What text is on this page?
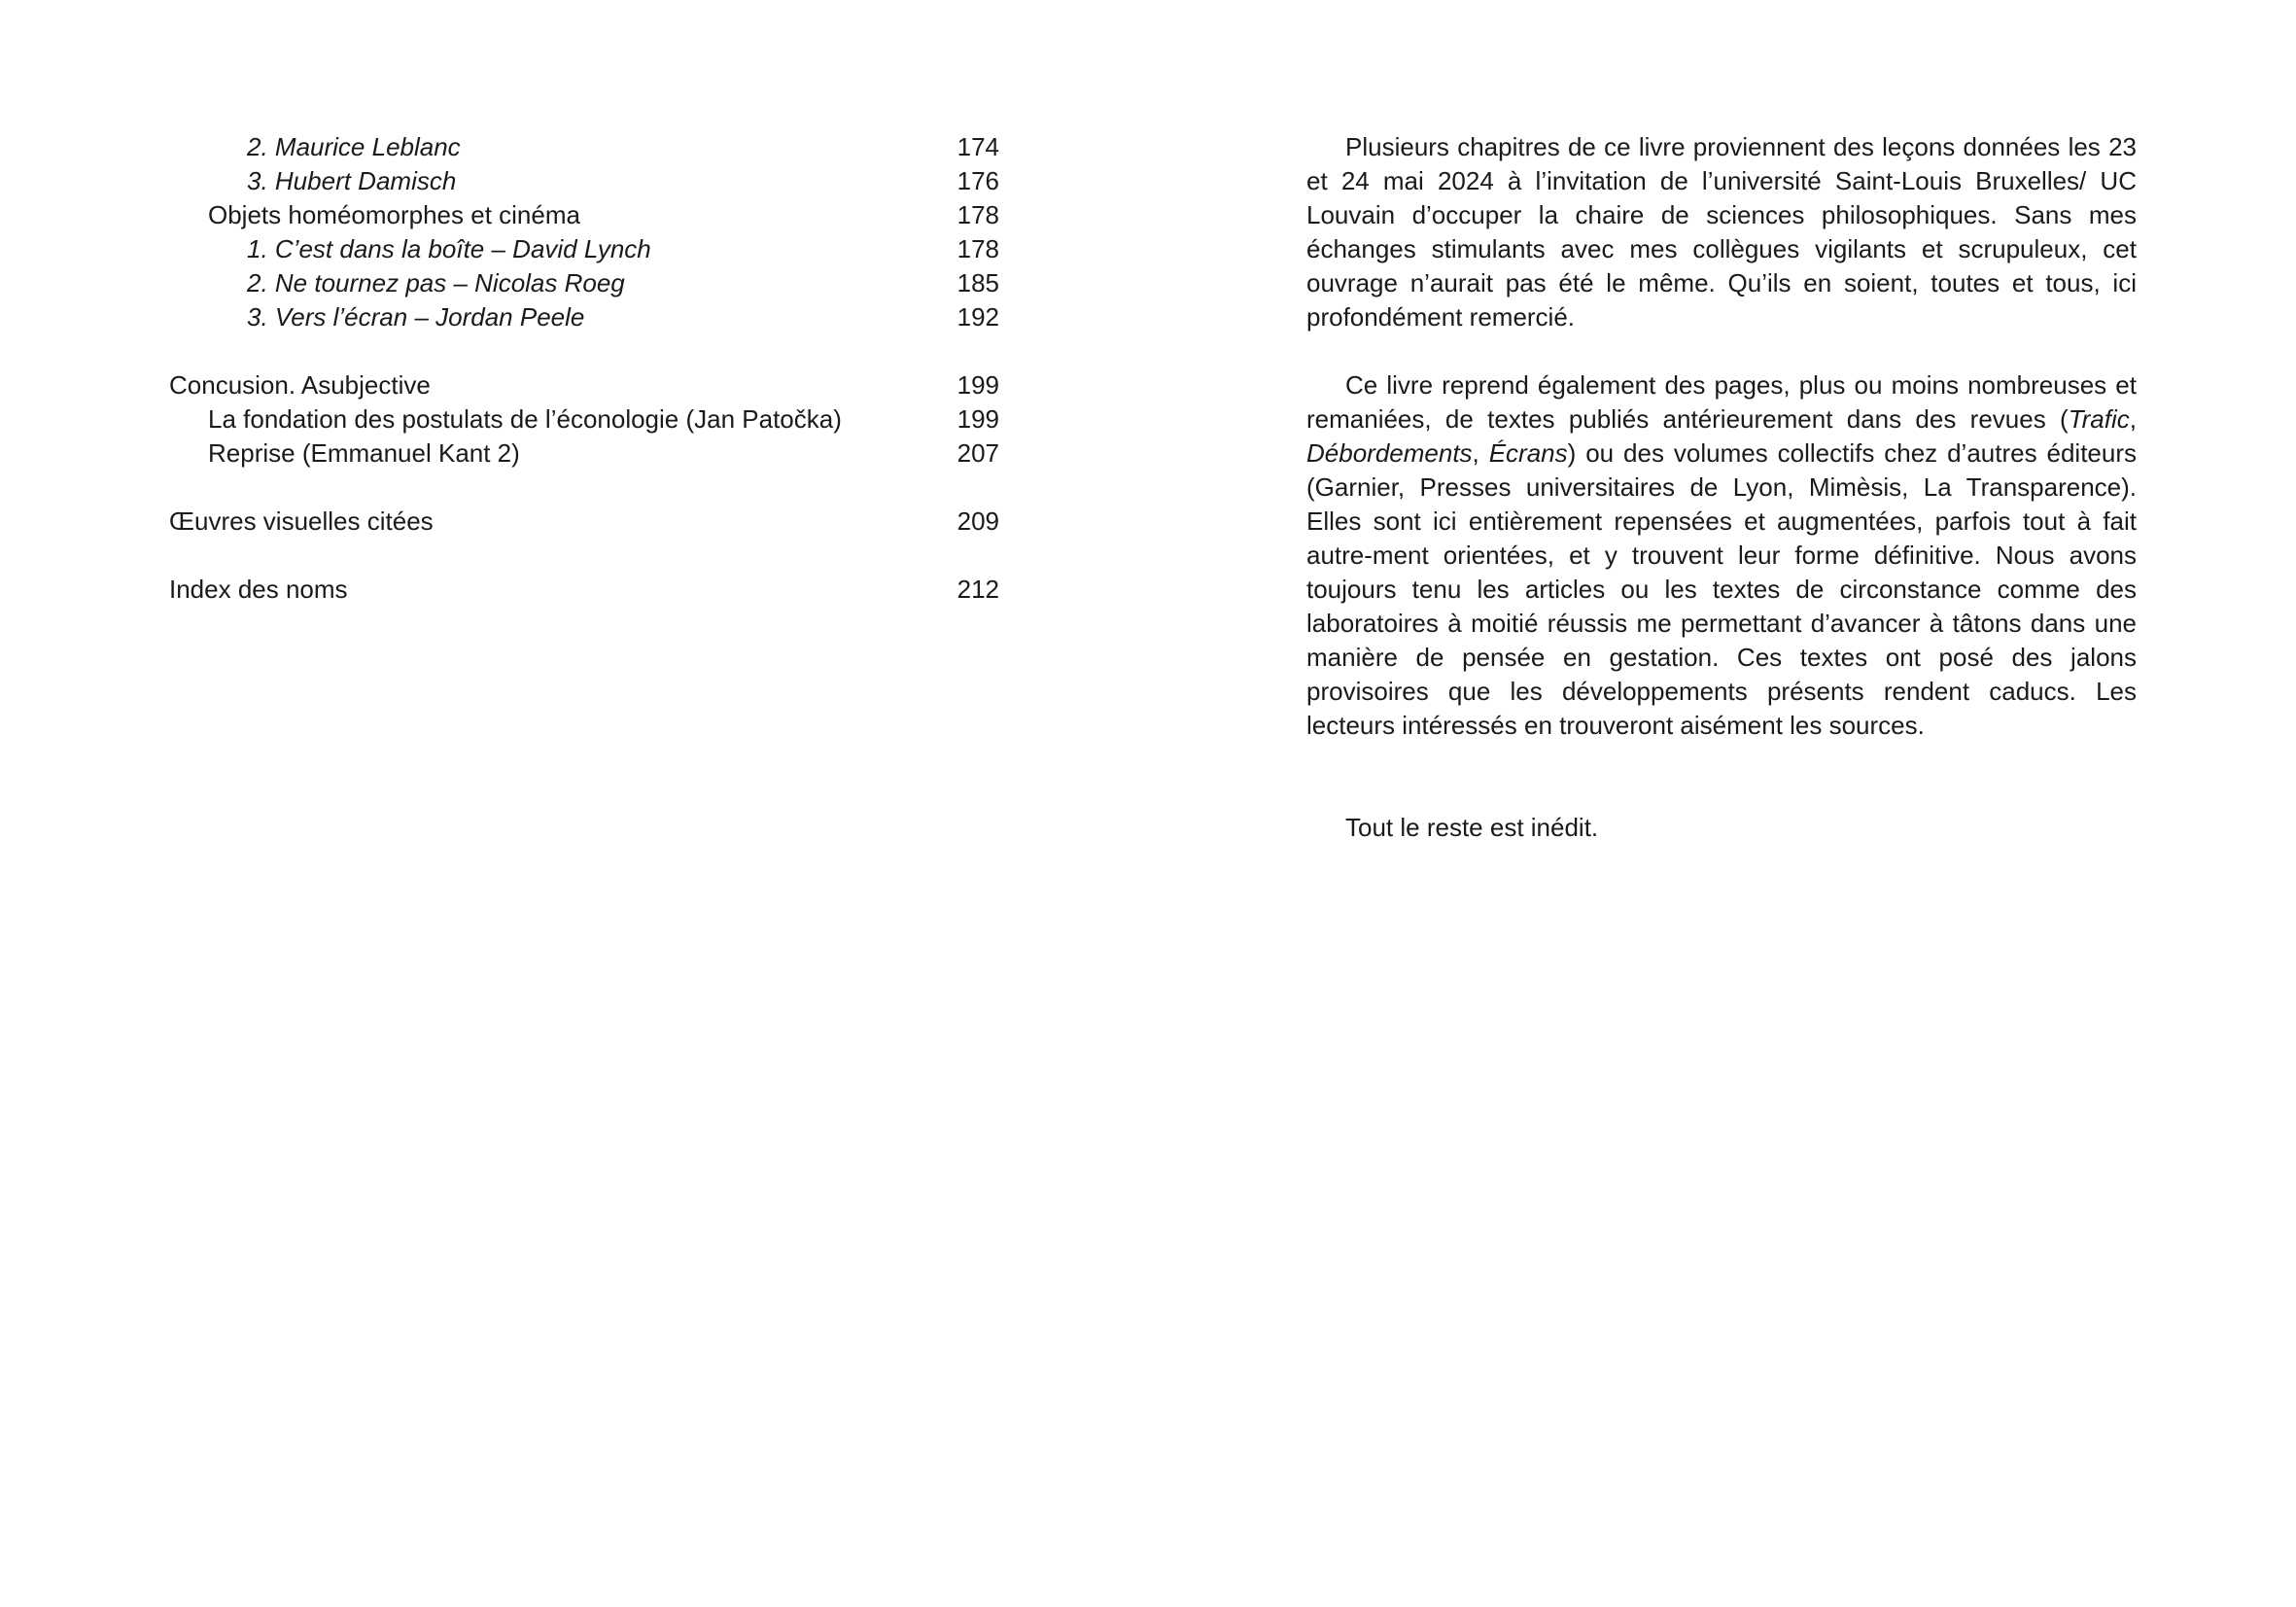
2. Maurice Leblanc	174
3. Hubert Damisch	176
Objets homéomorphes et cinéma	178
1. C’est dans la boîte – David Lynch	178
2. Ne tournez pas – Nicolas Roeg	185
3. Vers l’écran – Jordan Peele	192
Concusion. Asubjective	199
La fondation des postulats de l’éconologie (Jan Patočka)	199
Reprise (Emmanuel Kant 2)	207
Œuvres visuelles citées	209
Index des noms	212

Plusieurs chapitres de ce livre proviennent des leçons données les 23 et 24 mai 2024 à l’invitation de l’université Saint-Louis Bruxelles/ UC Louvain d’occuper la chaire de sciences philosophiques. Sans mes échanges stimulants avec mes collègues vigilants et scrupuleux, cet ouvrage n’aurait pas été le même. Qu’ils en soient, toutes et tous, ici profondément remercié.

Ce livre reprend également des pages, plus ou moins nombreuses et remaniées, de textes publiés antérieurement dans des revues (Trafic, Débordements, Écrans) ou des volumes collectifs chez d’autres éditeurs (Garnier, Presses universitaires de Lyon, Mimèsis, La Transparence). Elles sont ici entièrement repensées et augmentées, parfois tout à fait autre-ment orientées, et y trouvent leur forme définitive. Nous avons toujours tenu les articles ou les textes de circonstance comme des laboratoires à moitié réussis me permettant d’avancer à tâtons dans une manière de pensée en gestation. Ces textes ont posé des jalons provisoires que les développements présents rendent caducs. Les lecteurs intéressés en trouveront aisément les sources.

Tout le reste est inédit.
